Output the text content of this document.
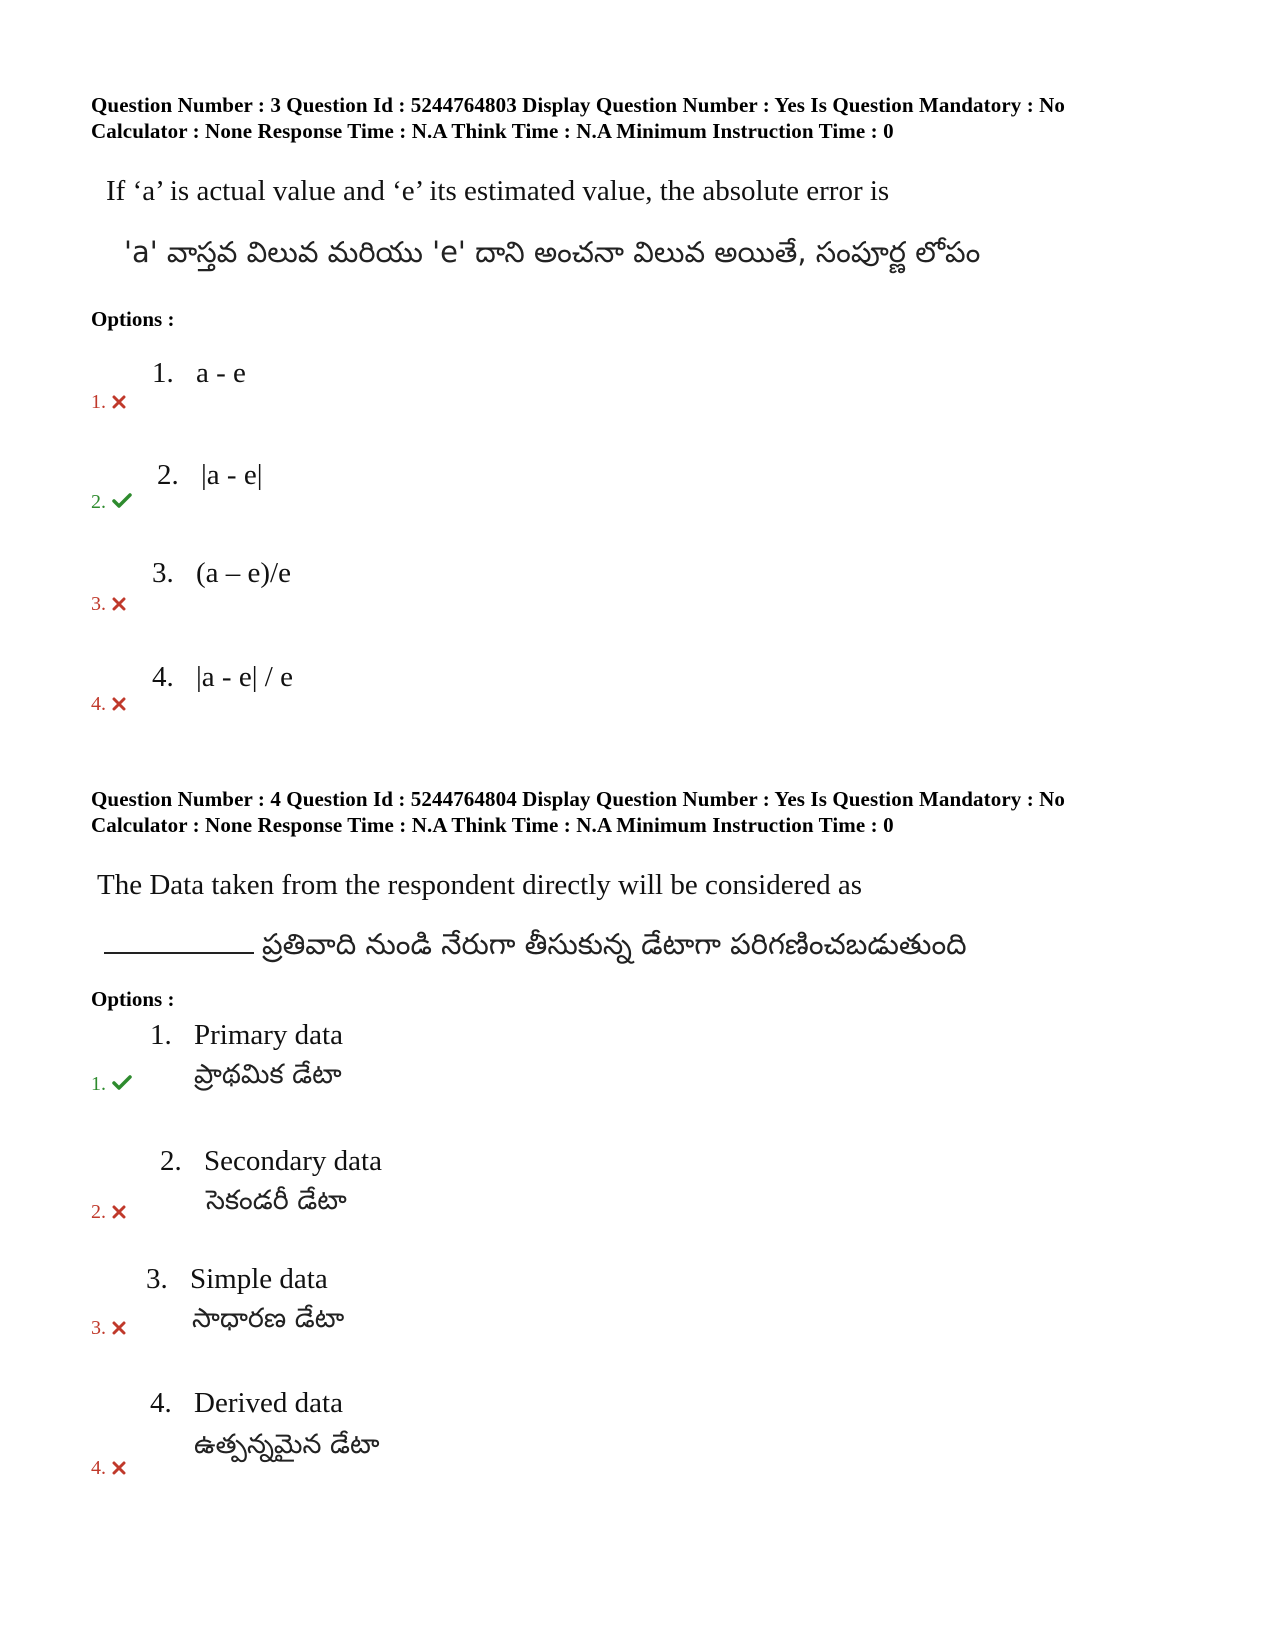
Question Number : 3 Question Id : 5244764803 Display Question Number : Yes Is Question Mandatory : No
Calculator : None Response Time : N.A Think Time : N.A Minimum Instruction Time : 0
If ‘a’ is actual value and ‘e’ its estimated value, the absolute error is
'a' వాస్తవ విలువ మరియు 'e' దాని అంచనా విలువ అయితే, సంపూర్ణ లోపం
Options :
1.
1. a - e
2.
2. |a - e|
3.
3. (a – e)/e
4.
4. |a - e| / e
Question Number : 4 Question Id : 5244764804 Display Question Number : Yes Is Question Mandatory : No
Calculator : None Response Time : N.A Think Time : N.A Minimum Instruction Time : 0
The Data taken from the respondent directly will be considered as
ప్రతివాది నుండి నేరుగా తీసుకున్న డేటాగా పరిగణించబడుతుంది
Options :
1.
1. Primary data
ప్రాథమిక డేటా
2.
2. Secondary data
సెకండరీ డేటా
3.
3. Simple data
సాధారణ డేటా
4.
4. Derived data
ఉత్పన్నమైన డేటా
